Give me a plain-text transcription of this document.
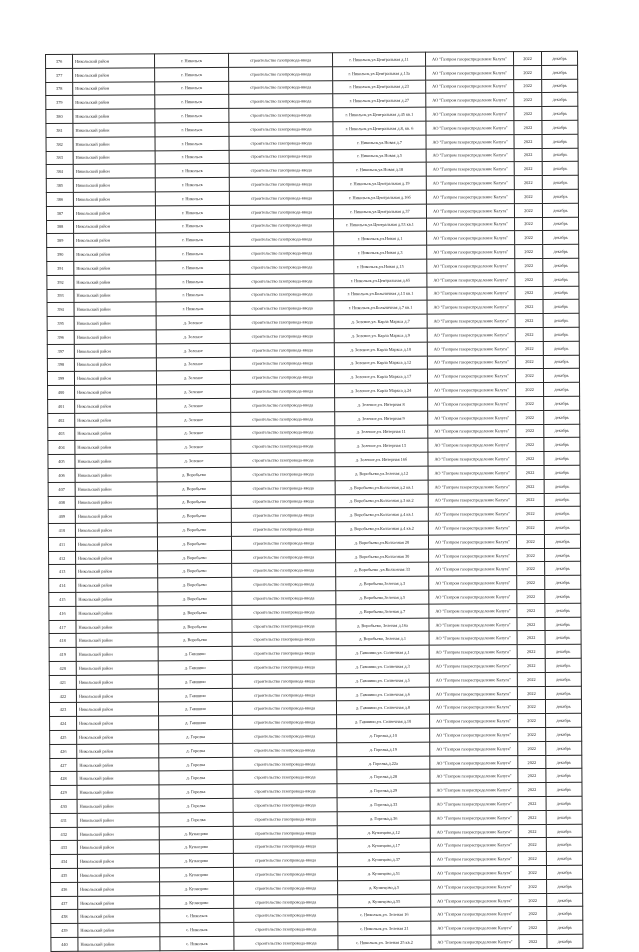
376	Никольский район	г. Никольск	строительство газопровода-ввода	г. Никольск,ул.Центральная д.11	АО "Газпром газораспределение Калуга"	2022	декабрь
377	Никольский район	г. Никольск	строительство газопровода-ввода	г. Никольск,ул.Центральная д.13а	АО "Газпром газораспределение Калуга"	2022	декабрь
378	Никольский район	г. Никольск	строительство газопровода-ввода	г. Никольск,ул.Центральная д.23	АО "Газпром газораспределение Калуга"	2022	декабрь
379	Никольский район	г. Никольск	строительство газопровода-ввода	г. Никольск,ул.Центральная д.27	АО "Газпром газораспределение Калуга"	2022	декабрь
380	Никольский район	г. Никольск	строительство газопровода-ввода	г. Никольск,ул.Центральная д.45 кв.1	АО "Газпром газораспределение Калуга"	2022	декабрь
381	Никольский район	г. Никольск	строительство газопровода-ввода	г. Никольск,ул.Центральная д.8, кв. 6	АО "Газпром газораспределение Калуга"	2022	декабрь
382	Никольский район	г. Никольск	строительство газопровода-ввода	г. Никольск,ул.Новая д.7	АО "Газпром газораспределение Калуга"	2022	декабрь
383	Никольский район	г. Никольск	строительство газопровода-ввода	г. Никольск,ул.Новая д.5	АО "Газпром газораспределение Калуга"	2022	декабрь
384	Никольский район	г. Никольск	строительство газопровода-ввода	г. Никольск,ул.Новая д.18	АО "Газпром газораспределение Калуга"	2022	декабрь
385	Никольский район	г. Никольск	строительство газопровода-ввода	г. Никольск,ул.Центральная д.19	АО "Газпром газораспределение Калуга"	2022	декабрь
386	Никольский район	г. Никольск	строительство газопровода-ввода	г. Никольск,ул.Центральная д.16б	АО "Газпром газораспределение Калуга"	2022	декабрь
387	Никольский район	г. Никольск	строительство газопровода-ввода	г. Никольск,ул.Центральная д.37	АО "Газпром газораспределение Калуга"	2022	декабрь
388	Никольский район	г. Никольск	строительство газопровода-ввода	г. Никольск,ул.Центральная д.53 кв.1	АО "Газпром газораспределение Калуга"	2022	декабрь
389	Никольский район	г. Никольск	строительство газопровода-ввода	г. Никольск,ул.Новая д.1	АО "Газпром газораспределение Калуга"	2022	декабрь
390	Никольский район	г. Никольск	строительство газопровода-ввода	г. Никольск,ул.Новая д.3	АО "Газпром газораспределение Калуга"	2022	декабрь
391	Никольский район	г. Никольск	строительство газопровода-ввода	г. Никольск,ул.Новая д.15	АО "Газпром газораспределение Калуга"	2022	декабрь
392	Никольский район	г. Никольск	строительство газопровода-ввода	г. Никольск,ул.Центральная д.65	АО "Газпром газораспределение Калуга"	2022	декабрь
393	Никольский район	г. Никольск	строительство газопровода-ввода	г. Никольск,ул.Больничная д.13 кв.1	АО "Газпром газораспределение Калуга"	2022	декабрь
394	Никольский район	г. Никольск	строительство газопровода-ввода	г. Никольск,ул.Больничная д.7 кв.1	АО "Газпром газораспределение Калуга"	2022	декабрь
395	Никольский район	д. Зеленое	строительство газопровода-ввода	д. Зеленое,ул. Карла Маркса д.7	АО "Газпром газораспределение Калуга"	2022	декабрь
396	Никольский район	д. Зеленое	строительство газопровода-ввода	д. Зеленое,ул. Карла Маркса д.9	АО "Газпром газораспределение Калуга"	2022	декабрь
397	Никольский район	д. Зеленое	строительство газопровода-ввода	д. Зеленое,ул. Карла Маркса д.10	АО "Газпром газораспределение Калуга"	2022	декабрь
398	Никольский район	д. Зеленое	строительство газопровода-ввода	д. Зеленое,ул. Карла Маркса д.12	АО "Газпром газораспределение Калуга"	2022	декабрь
399	Никольский район	д. Зеленое	строительство газопровода-ввода	д. Зеленое,ул. Карла Маркса д.17	АО "Газпром газораспределение Калуга"	2022	декабрь
400	Никольский район	д. Зеленое	строительство газопровода-ввода	д. Зеленое,ул. Карла Маркса д.24	АО "Газпром газораспределение Калуга"	2022	декабрь
401	Никольский район	д. Зеленое	строительство газопровода-ввода	д. Зеленое,ул. Интерная 8	АО "Газпром газораспределение Калуга"	2022	декабрь
402	Никольский район	д. Зеленое	строительство газопровода-ввода	д. Зеленое,ул. Интерная 9	АО "Газпром газораспределение Калуга"	2022	декабрь
403	Никольский район	д. Зеленое	строительство газопровода-ввода	д. Зеленое,ул. Интерная 11	АО "Газпром газораспределение Калуга"	2022	декабрь
404	Никольский район	д. Зеленое	строительство газопровода-ввода	д. Зеленое,ул. Интерная 13	АО "Газпром газораспределение Калуга"	2022	декабрь
405	Никольский район	д. Зеленое	строительство газопровода-ввода	д. Зеленое,ул. Интерная 16б	АО "Газпром газораспределение Калуга"	2022	декабрь
406	Никольский район	д. Воробьево	строительство газопровода-ввода	д. Воробьево,ул.Зеленая д.12	АО "Газпром газораспределение Калуга"	2022	декабрь
407	Никольский район	д. Воробьево	строительство газопровода-ввода	д. Воробьево,ул.Колхозная д.2 кв.1	АО "Газпром газораспределение Калуга"	2022	декабрь
408	Никольский район	д. Воробьево	строительство газопровода-ввода	д. Воробьево,ул.Колхозная д.3 кв.2	АО "Газпром газораспределение Калуга"	2022	декабрь
409	Никольский район	д. Воробьево	строительство газопровода-ввода	д. Воробьево,ул.Колхозная д.4 кв.1	АО "Газпром газораспределение Калуга"	2022	декабрь
410	Никольский район	д. Воробьево	строительство газопровода-ввода	д. Воробьево,ул.Колхозная д.4 кв.2	АО "Газпром газораспределение Калуга"	2022	декабрь
411	Никольский район	д. Воробьево	строительство газопровода-ввода	д. Воробьево,ул.Колхозная 20	АО "Газпром газораспределение Калуга"	2022	декабрь
412	Никольский район	д. Воробьево	строительство газопровода-ввода	д. Воробьево,ул.Колхозная 30	АО "Газпром газораспределение Калуга"	2022	декабрь
413	Никольский район	д. Воробьево	строительство газопровода-ввода	д. Воробьево ,ул.Колхозная 33	АО "Газпром газораспределение Калуга"	2022	декабрь
414	Никольский район	д. Воробьево	строительство газопровода-ввода	д. Воробьево,Зеленая д.3	АО "Газпром газораспределение Калуга"	2022	декабрь
415	Никольский район	д. Воробьево	строительство газопровода-ввода	д. Воробьево,Зеленая д.5	АО "Газпром газораспределение Калуга"	2022	декабрь
416	Никольский район	д. Воробьево	строительство газопровода-ввода	д. Воробьево,Зеленая д.7	АО "Газпром газораспределение Калуга"	2022	декабрь
417	Никольский район	д. Воробьево	строительство газопровода-ввода	д. Воробьево, Зеленая д.16а	АО "Газпром газораспределение Калуга"	2022	декабрь
418	Никольский район	д. Воробьево	строительство газопровода-ввода	д. Воробьево, Зеленая д.1	АО "Газпром газораспределение Калуга"	2022	декабрь
419	Никольский район	д. Гавшино	строительство газопровода-ввода	д. Гавшино,ул. Солнечная д.1	АО "Газпром газораспределение Калуга"	2022	декабрь
420	Никольский район	д. Гавшино	строительство газопровода-ввода	д. Гавшино,ул. Солнечная д.3	АО "Газпром газораспределение Калуга"	2022	декабрь
421	Никольский район	д. Гавшино	строительство газопровода-ввода	д. Гавшино,ул. Солнечная д.5	АО "Газпром газораспределение Калуга"	2022	декабрь
422	Никольский район	д. Гавшино	строительство газопровода-ввода	д. Гавшино,ул. Солнечная д.6	АО "Газпром газораспределение Калуга"	2022	декабрь
423	Никольский район	д. Гавшино	строительство газопровода-ввода	д. Гавшино,ул. Солнечная д.8	АО "Газпром газораспределение Калуга"	2022	декабрь
424	Никольский район	д. Гавшино	строительство газопровода-ввода	д. Гавшино,ул. Солнечная д.10	АО "Газпром газораспределение Калуга"	2022	декабрь
425	Никольский район	д. Горелка	строительство газопровода-ввода	д. Горелка,д.10	АО "Газпром газораспределение Калуга"	2022	декабрь
426	Никольский район	д. Горелка	строительство газопровода-ввода	д. Горелка,д.19	АО "Газпром газораспределение Калуга"	2022	декабрь
427	Никольский район	д. Горелка	строительство газопровода-ввода	д. Горелка,д.22а	АО "Газпром газораспределение Калуга"	2022	декабрь
428	Никольский район	д. Горелка	строительство газопровода-ввода	д. Горелка,д.28	АО "Газпром газораспределение Калуга"	2022	декабрь
429	Никольский район	д. Горелка	строительство газопровода-ввода	д. Горелка,д.29	АО "Газпром газораспределение Калуга"	2022	декабрь
430	Никольский район	д. Горелка	строительство газопровода-ввода	д. Горелка,д.33	АО "Газпром газораспределение Калуга"	2022	декабрь
431	Никольский район	д. Горелка	строительство газопровода-ввода	д. Горелка,д.36	АО "Газпром газораспределение Калуга"	2022	декабрь
432	Никольский район	д. Кузнецово	строительство газопровода-ввода	д. Кузнецово,д.12	АО "Газпром газораспределение Калуга"	2022	декабрь
433	Никольский район	д. Кузнецово	строительство газопровода-ввода	д. Кузнецово,д.17	АО "Газпром газораспределение Калуга"	2022	декабрь
434	Никольский район	д. Кузнецово	строительство газопровода-ввода	д. Кузнецово,д.37	АО "Газпром газораспределение Калуга"	2022	декабрь
435	Никольский район	д. Кузнецово	строительство газопровода-ввода	д. Кузнецово,д.51	АО "Газпром газораспределение Калуга"	2022	декабрь
436	Никольский район	д. Кузнецово	строительство газопровода-ввода	д. Кузнецово,д.5	АО "Газпром газораспределение Калуга"	2022	декабрь
437	Никольский район	д. Кузнецово	строительство газопровода-ввода	д. Кузнецово,д.55	АО "Газпром газораспределение Калуга"	2022	декабрь
438	Никольский район	с. Никольск	строительство газопровода-ввода	с. Никольск,ул. Зеленая 16	АО "Газпром газораспределение Калуга"	2022	декабрь
439	Никольский район	с. Никольск	строительство газопровода-ввода	с. Никольск,ул. Зеленая 21	АО "Газпром газораспределение Калуга"	2022	декабрь
440	Никольский район	с. Никольск	строительство газопровода-ввода	с. Никольск,ул. Зеленая 25 кв.2	АО "Газпром газораспределение Калуга"	2022	декабрь
